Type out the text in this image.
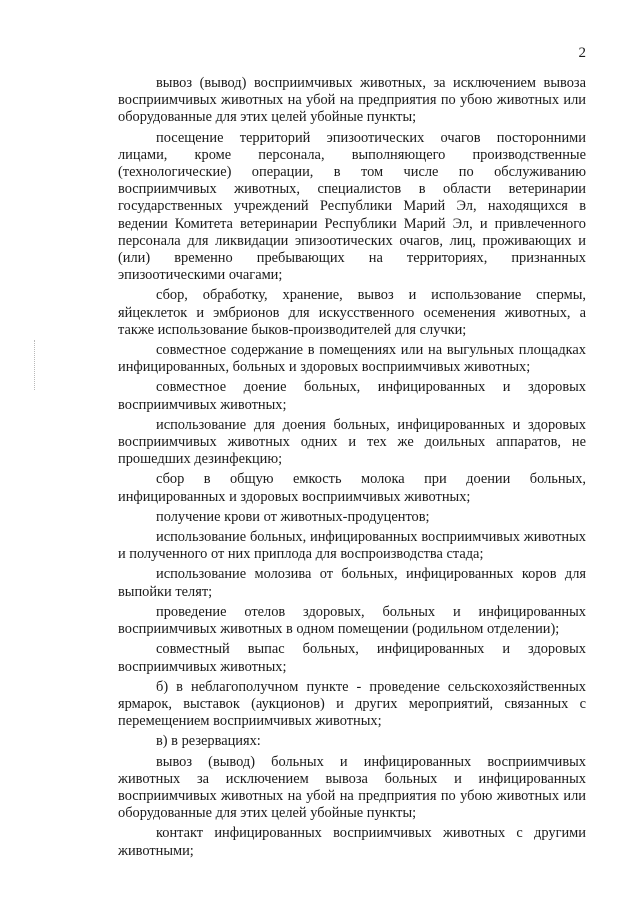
2

вывоз (вывод) восприимчивых животных, за исключением вывоза восприимчивых животных на убой на предприятия по убою животных или оборудованные для этих целей убойные пункты;

посещение территорий эпизоотических очагов посторонними лицами, кроме персонала, выполняющего производственные (технологические) операции, в том числе по обслуживанию восприимчивых животных, специалистов в области ветеринарии государственных учреждений Республики Марий Эл, находящихся в ведении Комитета ветеринарии Республики Марий Эл, и привлеченного персонала для ликвидации эпизоотических очагов, лиц, проживающих и (или) временно пребывающих на территориях, признанных эпизоотическими очагами;

сбор, обработку, хранение, вывоз и использование спермы, яйцеклеток и эмбрионов для искусственного осеменения животных, а также использование быков-производителей для случки;

совместное содержание в помещениях или на выгульных площадках инфицированных, больных и здоровых восприимчивых животных;

совместное доение больных, инфицированных и здоровых восприимчивых животных;

использование для доения больных, инфицированных и здоровых восприимчивых животных одних и тех же доильных аппаратов, не прошедших дезинфекцию;

сбор в общую емкость молока при доении больных, инфицированных и здоровых восприимчивых животных;

получение крови от животных-продуцентов;

использование больных, инфицированных восприимчивых животных и полученного от них приплода для воспроизводства стада;

использование молозива от больных, инфицированных коров для выпойки телят;

проведение отелов здоровых, больных и инфицированных восприимчивых животных в одном помещении (родильном отделении);

совместный выпас больных, инфицированных и здоровых восприимчивых животных;

б) в неблагополучном пункте - проведение сельскохозяйственных ярмарок, выставок (аукционов) и других мероприятий, связанных с перемещением восприимчивых животных;

в) в резервациях:

вывоз (вывод) больных и инфицированных восприимчивых животных за исключением вывоза больных и инфицированных восприимчивых животных на убой на предприятия по убою животных или оборудованные для этих целей убойные пункты;

контакт инфицированных восприимчивых животных с другими животными;
